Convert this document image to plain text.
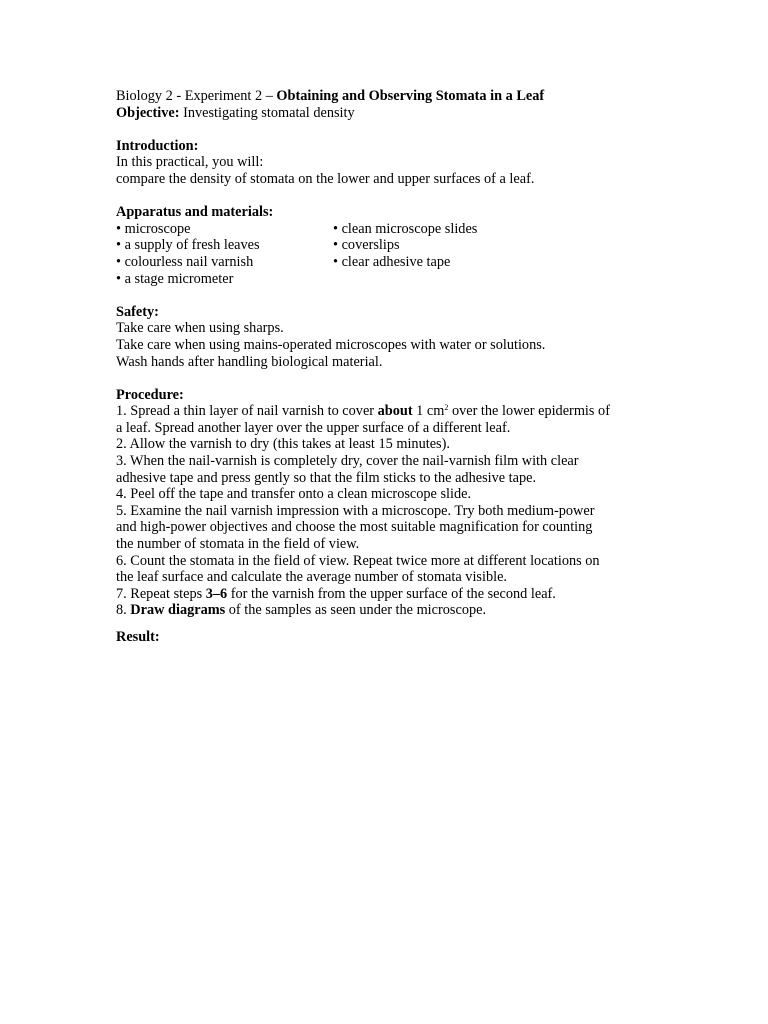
Biology 2 - Experiment 2 – Obtaining and Observing Stomata in a Leaf
Objective: Investigating stomatal density
Introduction:
In this practical, you will:
compare the density of stomata on the lower and upper surfaces of a leaf.
Apparatus and materials:
• microscope
• a supply of fresh leaves
• colourless nail varnish
• a stage micrometer
• clean microscope slides
• coverslips
• clear adhesive tape
Safety:
Take care when using sharps.
Take care when using mains-operated microscopes with water or solutions.
Wash hands after handling biological material.
Procedure:
1. Spread a thin layer of nail varnish to cover about 1 $cm^2$ over the lower epidermis of
a leaf. Spread another layer over the upper surface of a different leaf.
2. Allow the varnish to dry (this takes at least 15 minutes).
3. When the nail-varnish is completely dry, cover the nail-varnish film with clear
adhesive tape and press gently so that the film sticks to the adhesive tape.
4. Peel off the tape and transfer onto a clean microscope slide.
5. Examine the nail varnish impression with a microscope. Try both medium-power
and high-power objectives and choose the most suitable magnification for counting
the number of stomata in the field of view.
6. Count the stomata in the field of view. Repeat twice more at different locations on
the leaf surface and calculate the average number of stomata visible.
7. Repeat steps 3–6 for the varnish from the upper surface of the second leaf.
8. Draw diagrams of the samples as seen under the microscope.
Result:
